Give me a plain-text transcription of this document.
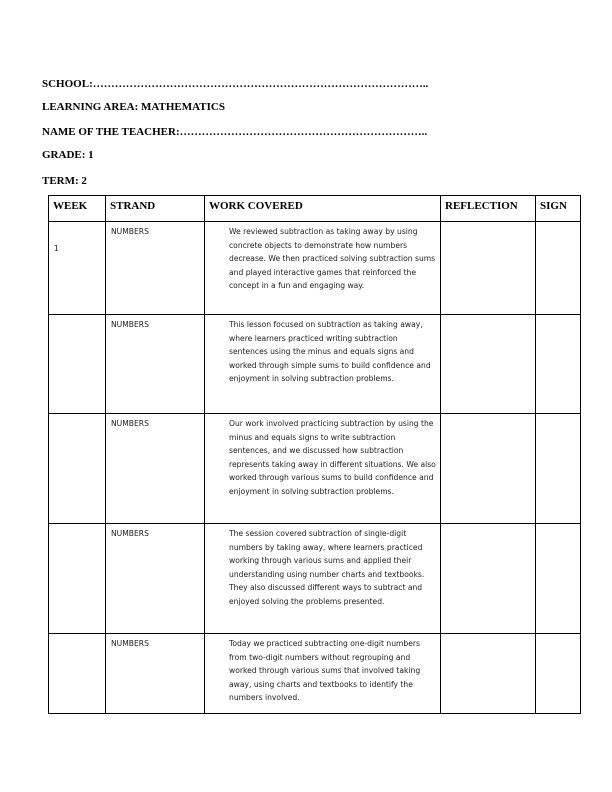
SCHOOL:………………………………………………………………………………..
LEARNING AREA: MATHEMATICS
NAME OF THE TEACHER:…………………………………………………………..
GRADE: 1
TERM: 2
WEEK	STRAND	WORK COVERED	REFLECTION	SIGN
1	NUMBERS	We reviewed subtraction as taking away by using concrete objects to demonstrate how numbers decrease. We then practiced solving subtraction sums and played interactive games that reinforced the concept in a fun and engaging way.		
	NUMBERS	This lesson focused on subtraction as taking away, where learners practiced writing subtraction sentences using the minus and equals signs and worked through simple sums to build confidence and enjoyment in solving subtraction problems.		
	NUMBERS	Our work involved practicing subtraction by using the minus and equals signs to write subtraction sentences, and we discussed how subtraction represents taking away in different situations. We also worked through various sums to build confidence and enjoyment in solving subtraction problems.		
	NUMBERS	The session covered subtraction of single-digit numbers by taking away, where learners practiced working through various sums and applied their understanding using number charts and textbooks. They also discussed different ways to subtract and enjoyed solving the problems presented.		
	NUMBERS	Today we practiced subtracting one-digit numbers from two-digit numbers without regrouping and worked through various sums that involved taking away, using charts and textbooks to identify the numbers involved.		
